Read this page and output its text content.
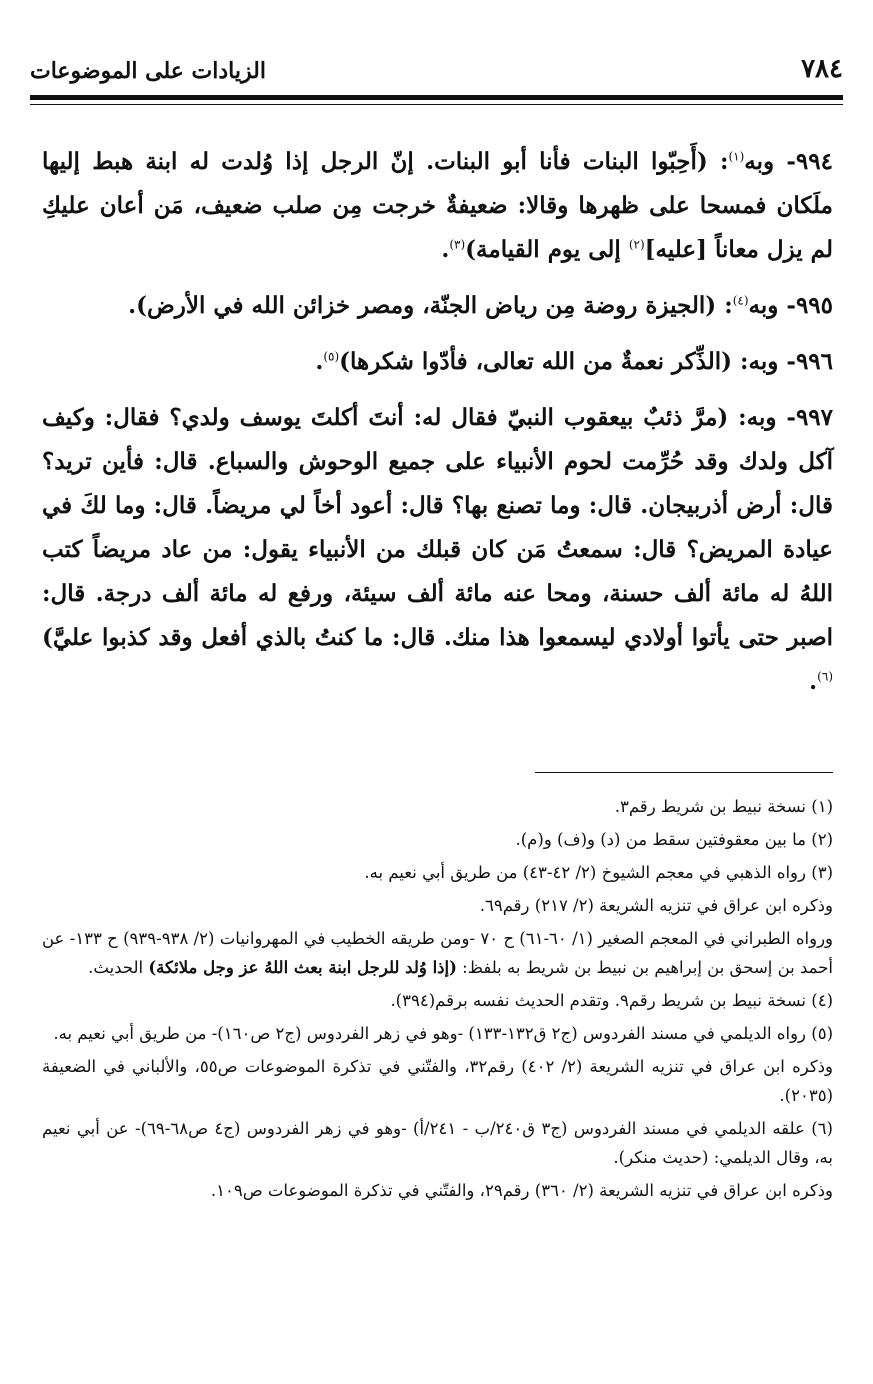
٧٨٤
الزيادات على الموضوعات

٩٩٤- وبه$^{(١)}$: (أَحِبّوا البنات فأنا أبو البنات. إنّ الرجل إذا وُلدت له ابنة هبط إليها ملَكان فمسحا على ظهرها وقالا: ضعيفةٌ خرجت مِن صلب ضعيف، مَن أعان عليكِ لم يزل معاناً [عليه]$^{(٢)}$ إلى يوم القيامة)$^{(٣)}$.

٩٩٥- وبه$^{(٤)}$: (الجيزة روضة مِن رياض الجنّة، ومصر خزائن الله في الأرض).

٩٩٦- وبه: (الذِّكر نعمةٌ من الله تعالى، فأدّوا شكرها)$^{(٥)}$.

٩٩٧- وبه: (مرَّ ذئبٌ بيعقوب النبيّ فقال له: أنتَ أكلتَ يوسف ولدي؟ فقال: وكيف آكل ولدك وقد حُرِّمت لحوم الأنبياء على جميع الوحوش والسباع. قال: فأين تريد؟ قال: أرض أذربيجان. قال: وما تصنع بها؟ قال: أعود أخاً لي مريضاً. قال: وما لكَ في عيادة المريض؟ قال: سمعتُ مَن كان قبلك من الأنبياء يقول: من عاد مريضاً كتب اللهُ له مائة ألف حسنة، ومحا عنه مائة ألف سيئة، ورفع له مائة ألف درجة. قال: اصبر حتى يأتوا أولادي ليسمعوا هذا منك. قال: ما كنتُ بالذي أفعل وقد كذبوا عليَّ)$^{(٦)}$.

(١) نسخة نبيط بن شريط رقم٣.

(٢) ما بين معقوفتين سقط من (د) و(ف) و(م).

(٣) رواه الذهبي في معجم الشيوخ (٢/ ٤٢-٤٣) من طريق أبي نعيم به.

وذكره ابن عراق في تنزيه الشريعة (٢/ ٢١٧) رقم٦٩.

ورواه الطبراني في المعجم الصغير (١/ ٦٠-٦١) ح ٧٠ -ومن طريقه الخطيب في المهروانيات (٢/ ٩٣٨-٩٣٩) ح ١٣٣- عن أحمد بن إسحق بن إبراهيم بن نبيط بن شريط به بلفظ: (إذا وُلد للرجل ابنة بعث اللهُ عز وجل ملائكة) الحديث.

(٤) نسخة نبيط بن شريط رقم٩. وتقدم الحديث نفسه برقم(٣٩٤).

(٥) رواه الديلمي في مسند الفردوس (ج٢ ق١٣٢-١٣٣) -وهو في زهر الفردوس (ج٢ ص١٦٠)- من طريق أبي نعيم به.

وذكره ابن عراق في تنزيه الشريعة (٢/ ٤٠٢) رقم٣٢، والفتّني في تذكرة الموضوعات ص٥٥، والألباني في الضعيفة (٢٠٣٥).

(٦) علقه الديلمي في مسند الفردوس (ج٣ ق٢٤٠/ب - ٢٤١/أ) -وهو في زهر الفردوس (ج٤ ص٦٨-٦٩)- عن أبي نعيم به، وقال الديلمي: (حديث منكر).

وذكره ابن عراق في تنزيه الشريعة (٢/ ٣٦٠) رقم٢٩، والفتّني في تذكرة الموضوعات ص١٠٩.
